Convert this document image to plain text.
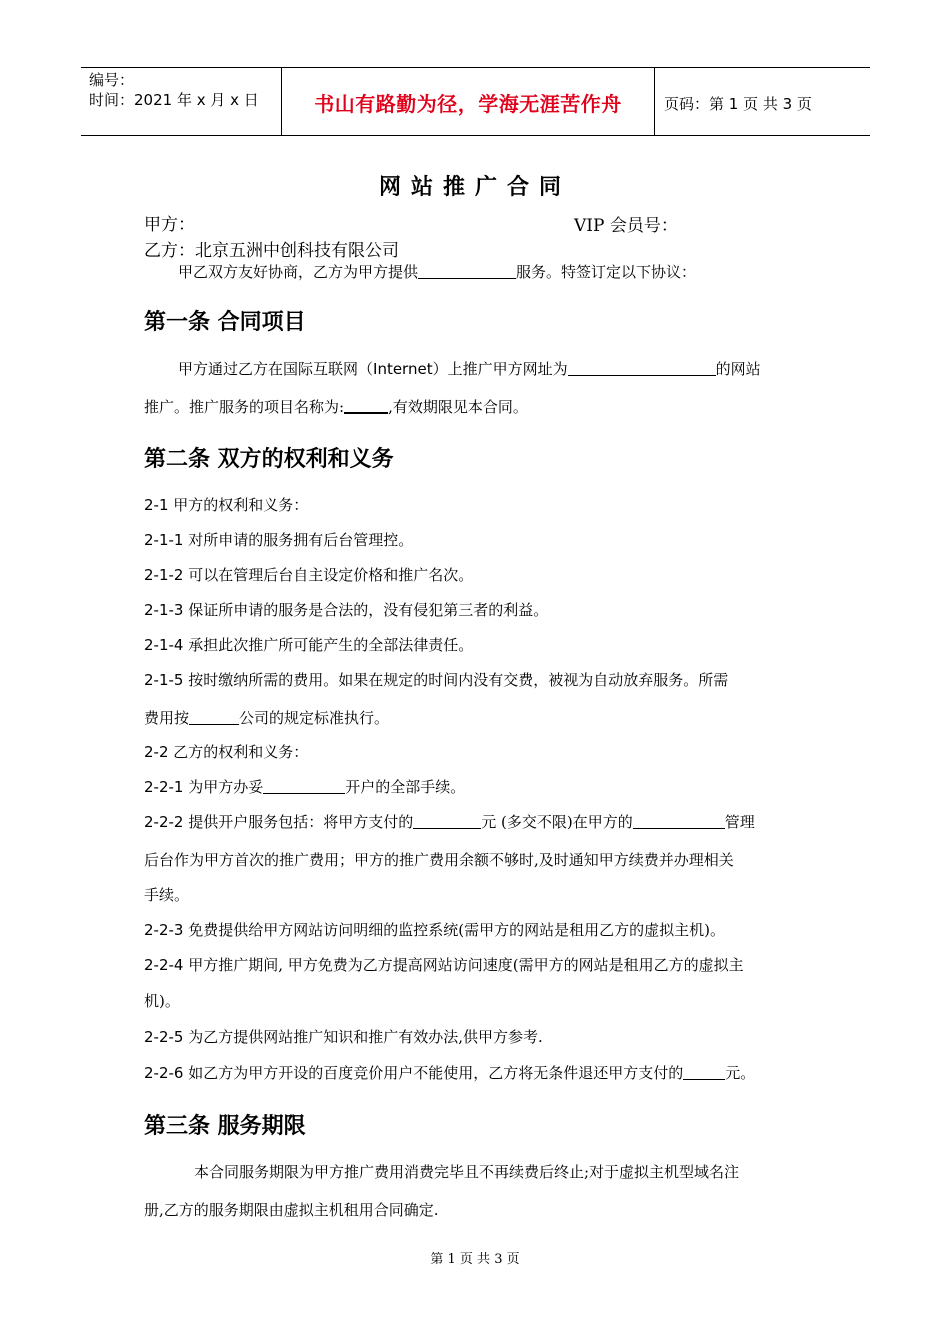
编号：
时间：2021 年 x 月 x 日	书山有路勤为径，学海无涯苦作舟	页码：第 1 页 共 3 页
网站推广合同
甲方：	VIP 会员号：
乙方：北京五洲中创科技有限公司
甲乙双方友好协商，乙方为甲方提供	服务。特签订定以下协议：
第一条 合同项目
甲方通过乙方在国际互联网（Internet）上推广甲方网址为	的网站
推广。推广服务的项目名称为:	,有效期限见本合同。
第二条 双方的权利和义务
2-1 甲方的权利和义务：
2-1-1 对所申请的服务拥有后台管理控。
2-1-2 可以在管理后台自主设定价格和推广名次。
2-1-3 保证所申请的服务是合法的，没有侵犯第三者的利益。
2-1-4 承担此次推广所可能产生的全部法律责任。
2-1-5 按时缴纳所需的费用。如果在规定的时间内没有交费，被视为自动放弃服务。所需
费用按	公司的规定标准执行。
2-2 乙方的权利和义务：
2-2-1 为甲方办妥	开户的全部手续。
2-2-2 提供开户服务包括：将甲方支付的	元 (多交不限)在甲方的	管理
后台作为甲方首次的推广费用；甲方的推广费用余额不够时,及时通知甲方续费并办理相关
手续。
2-2-3 免费提供给甲方网站访问明细的监控系统(需甲方的网站是租用乙方的虚拟主机)。
2-2-4 甲方推广期间, 甲方免费为乙方提高网站访问速度(需甲方的网站是租用乙方的虚拟主
机)。
2-2-5 为乙方提供网站推广知识和推广有效办法,供甲方参考.
2-2-6 如乙方为甲方开设的百度竞价用户不能使用，乙方将无条件退还甲方支付的	元。
第三条 服务期限
本合同服务期限为甲方推广费用消费完毕且不再续费后终止;对于虚拟主机型域名注
册,乙方的服务期限由虚拟主机租用合同确定.
第 1 页 共 3 页
